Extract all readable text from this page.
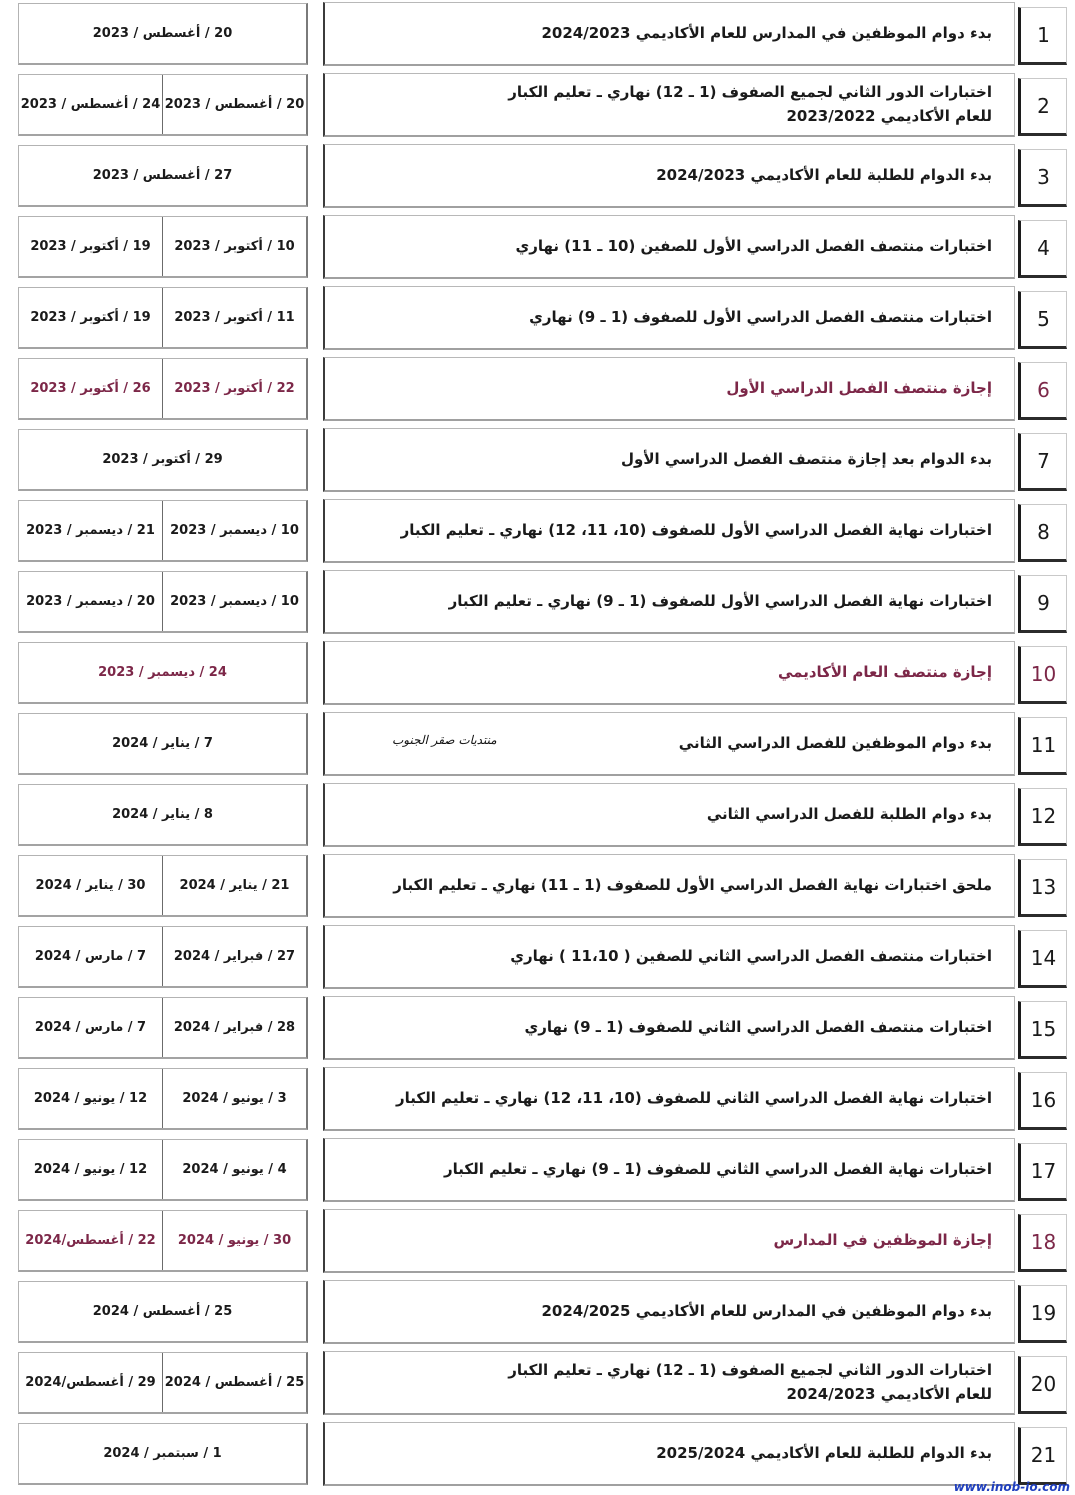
1
بدء دوام الموظفين في المدارس للعام الأكاديمي 2024/2023
20 / أغسطس / 2023
2
اختبارات الدور الثاني لجميع الصفوف (1 ـ 12) نهاري ـ تعليم الكبار
للعام الأكاديمي 2023/2022
20 / أغسطس / 2023
24 / أغسطس / 2023
3
بدء الدوام للطلبة للعام الأكاديمي 2024/2023
27 / أغسطس / 2023
4
اختبارات منتصف الفصل الدراسي الأول للصفين (10 ـ 11) نهاري
10 / أكتوبر / 2023
19 / أكتوبر / 2023
5
اختبارات منتصف الفصل الدراسي الأول للصفوف (1 ـ 9) نهاري
11 / أكتوبر / 2023
19 / أكتوبر / 2023
6
إجازة منتصف الفصل الدراسي الأول
22 / أكتوبر / 2023
26 / أكتوبر / 2023
7
بدء الدوام بعد إجازة منتصف الفصل الدراسي الأول
29 / أكتوبر / 2023
8
اختبارات نهاية الفصل الدراسي الأول للصفوف (10، 11، 12) نهاري ـ تعليم الكبار
10 / ديسمبر / 2023
21 / ديسمبر / 2023
9
اختبارات نهاية الفصل الدراسي الأول للصفوف (1 ـ 9) نهاري ـ تعليم الكبار
10 / ديسمبر / 2023
20 / ديسمبر / 2023
10
إجازة منتصف العام الأكاديمي
24 / ديسمبر / 2023
11
بدء دوام الموظفين للفصل الدراسي الثاني
منتديات صقر الجنوب
7 / يناير / 2024
12
بدء دوام الطلبة للفصل الدراسي الثاني
8 / يناير / 2024
13
ملحق اختبارات نهاية الفصل الدراسي الأول للصفوف (1 ـ 11) نهاري ـ تعليم الكبار
21 / يناير / 2024
30 / يناير / 2024
14
اختبارات منتصف الفصل الدراسي الثاني للصفين ( 11،10 ) نهاري
27 / فبراير / 2024
7 / مارس / 2024
15
اختبارات منتصف الفصل الدراسي الثاني للصفوف (1 ـ 9) نهاري
28 / فبراير / 2024
7 / مارس / 2024
16
اختبارات نهاية الفصل الدراسي الثاني للصفوف (10، 11، 12) نهاري ـ تعليم الكبار
3 / يونيو / 2024
12 / يونيو / 2024
17
اختبارات نهاية الفصل الدراسي الثاني للصفوف (1 ـ 9) نهاري ـ تعليم الكبار
4 / يونيو / 2024
12 / يونيو / 2024
18
إجازة الموظفين في المدارس
30 / يونيو / 2024
22 / أغسطس/2024
19
بدء دوام الموظفين في المدارس للعام الأكاديمي 2024/2025
25 / أغسطس / 2024
20
اختبارات الدور الثاني لجميع الصفوف (1 ـ 12) نهاري ـ تعليم الكبار
للعام الأكاديمي 2024/2023
25 / أغسطس / 2024
29 / أغسطس/2024
21
بدء الدوام للطلبة للعام الأكاديمي 2025/2024
1 / سبتمبر / 2024
www.inob-io.com
